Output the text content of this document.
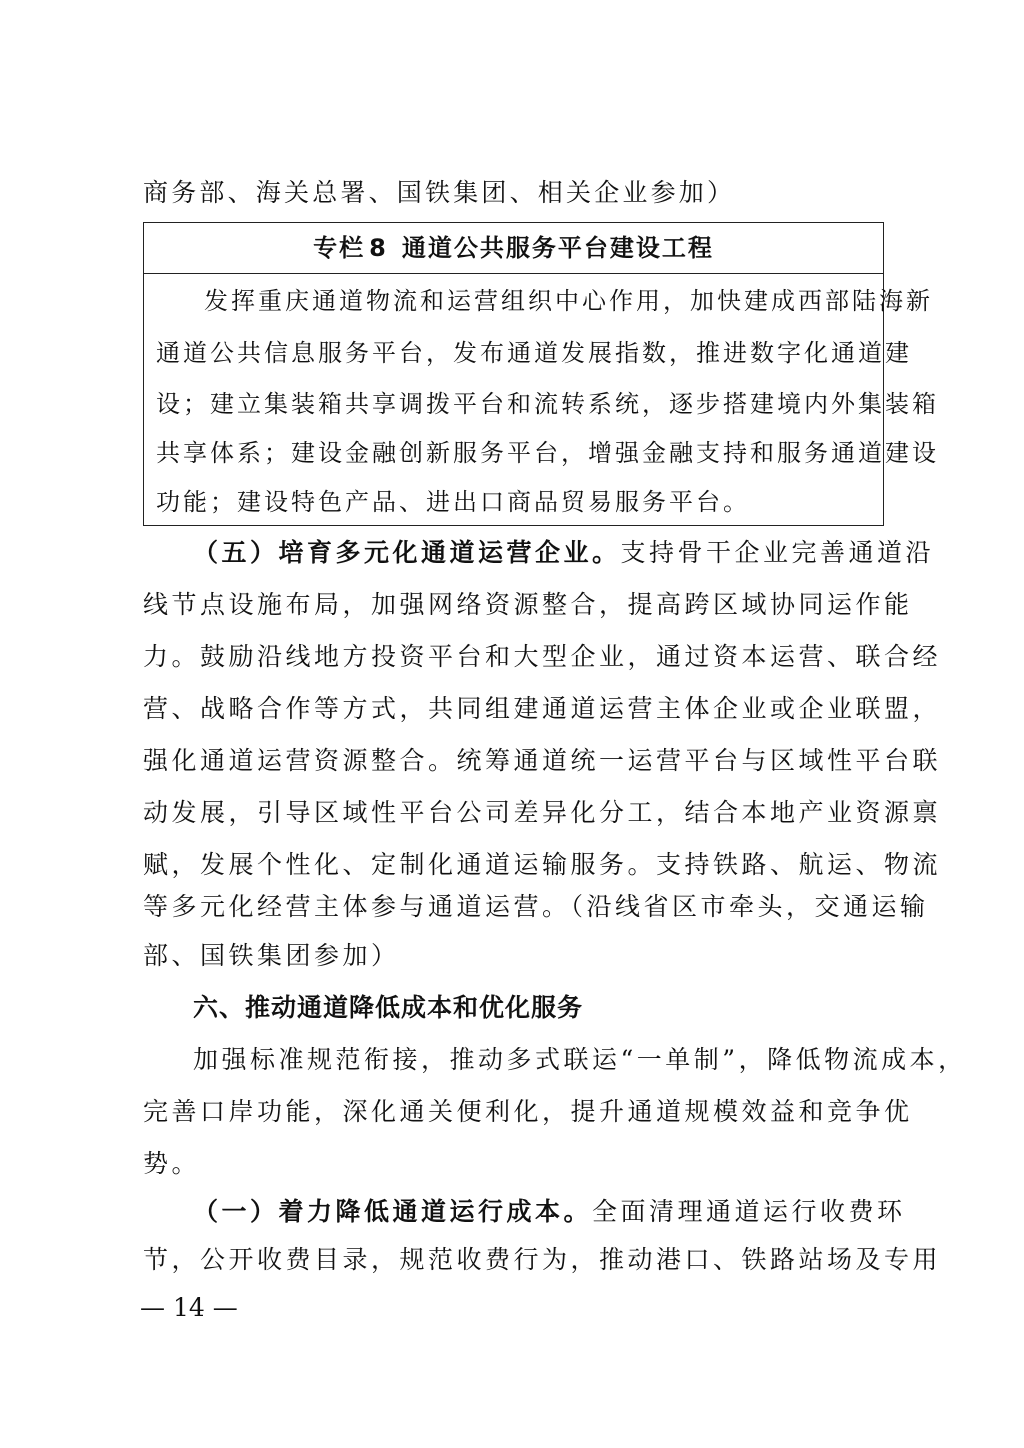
商务部、海关总署、国铁集团、相关企业参加）
专栏 8 通道公共服务平台建设工程
发挥重庆通道物流和运营组织中心作用，加快建成西部陆海新
通道公共信息服务平台，发布通道发展指数，推进数字化通道建
设；建立集装箱共享调拨平台和流转系统，逐步搭建境内外集装箱
共享体系；建设金融创新服务平台，增强金融支持和服务通道建设
功能；建设特色产品、进出口商品贸易服务平台。
（五）培育多元化通道运营企业。支持骨干企业完善通道沿
线节点设施布局，加强网络资源整合，提高跨区域协同运作能
力。鼓励沿线地方投资平台和大型企业，通过资本运营、联合经
营、战略合作等方式，共同组建通道运营主体企业或企业联盟，
强化通道运营资源整合。统筹通道统一运营平台与区域性平台联
动发展，引导区域性平台公司差异化分工，结合本地产业资源禀
赋，发展个性化、定制化通道运输服务。支持铁路、航运、物流
等多元化经营主体参与通道运营。（沿线省区市牵头，交通运输
部、国铁集团参加）
六、推动通道降低成本和优化服务
加强标准规范衔接，推动多式联运“一单制”，降低物流成本，
完善口岸功能，深化通关便利化，提升通道规模效益和竞争优
势。
（一）着力降低通道运行成本。全面清理通道运行收费环
节，公开收费目录，规范收费行为，推动港口、铁路站场及专用
— 14 —
